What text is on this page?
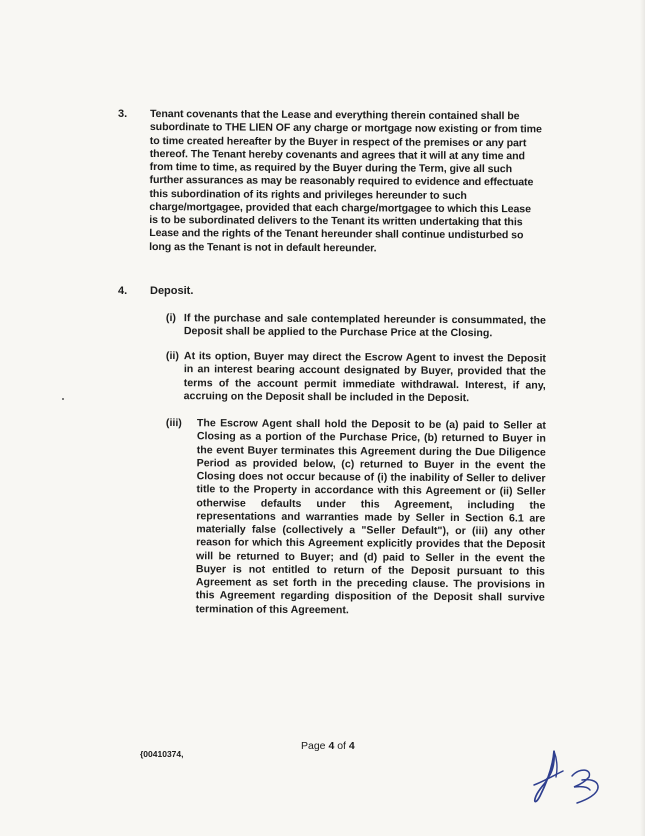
3.	Tenant covenants that the Lease and everything therein contained shall be subordinate to THE LIEN OF any charge or mortgage now existing or from time to time created hereafter by the Buyer in respect of the premises or any part thereof. The Tenant hereby covenants and agrees that it will at any time and from time to time, as required by the Buyer during the Term, give all such further assurances as may be reasonably required to evidence and effectuate this subordination of its rights and privileges hereunder to such charge/mortgagee, provided that each charge/mortgagee to which this Lease is to be subordinated delivers to the Tenant its written undertaking that this Lease and the rights of the Tenant hereunder shall continue undisturbed so long as the Tenant is not in default hereunder.
4.	Deposit.
(i) If the purchase and sale contemplated hereunder is consummated, the Deposit shall be applied to the Purchase Price at the Closing.
(ii) At its option, Buyer may direct the Escrow Agent to invest the Deposit in an interest bearing account designated by Buyer, provided that the terms of the account permit immediate withdrawal. Interest, if any, accruing on the Deposit shall be included in the Deposit.
(iii)	The Escrow Agent shall hold the Deposit to be (a) paid to Seller at Closing as a portion of the Purchase Price, (b) returned to Buyer in the event Buyer terminates this Agreement during the Due Diligence Period as provided below, (c) returned to Buyer in the event the Closing does not occur because of (i) the inability of Seller to deliver title to the Property in accordance with this Agreement or (ii) Seller otherwise defaults under this Agreement, including the representations and warranties made by Seller in Section 6.1 are materially false (collectively a "Seller Default"), or (iii) any other reason for which this Agreement explicitly provides that the Deposit will be returned to Buyer; and (d) paid to Seller in the event the Buyer is not entitled to return of the Deposit pursuant to this Agreement as set forth in the preceding clause. The provisions in this Agreement regarding disposition of the Deposit shall survive termination of this Agreement.
{00410374,
Page 4 of 4
